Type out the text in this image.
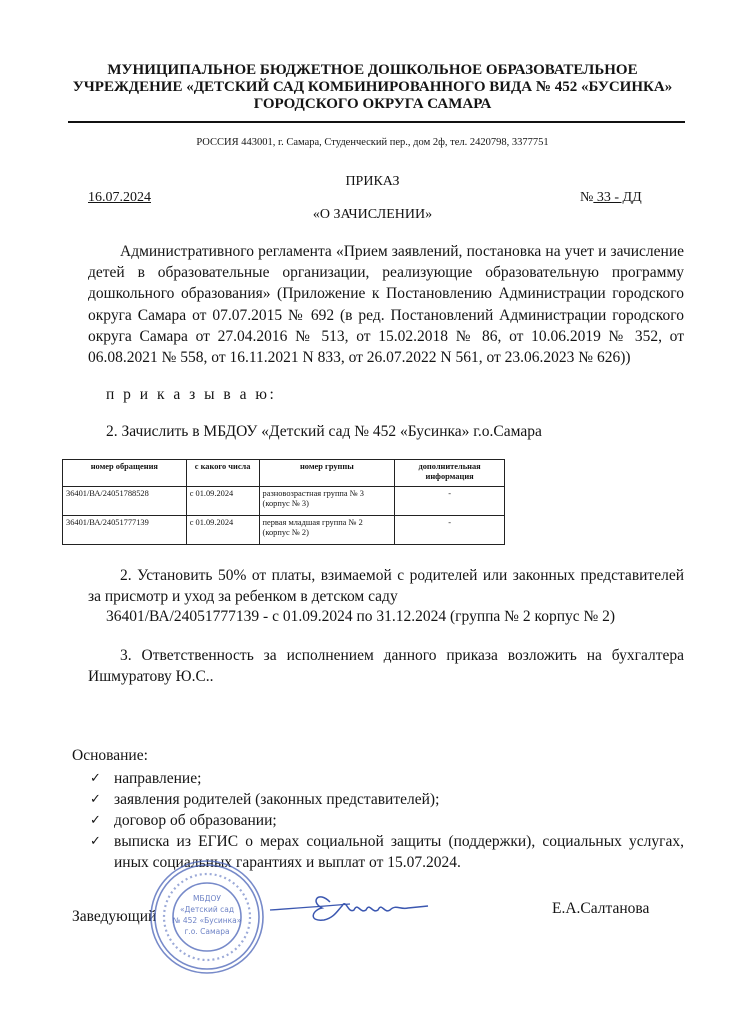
МУНИЦИПАЛЬНОЕ БЮДЖЕТНОЕ ДОШКОЛЬНОЕ ОБРАЗОВАТЕЛЬНОЕ
УЧРЕЖДЕНИЕ «ДЕТСКИЙ САД КОМБИНИРОВАННОГО ВИДА № 452 «БУСИНКА»
ГОРОДСКОГО ОКРУГА САМАРА
РОССИЯ 443001, г. Самара, Студенческий пер., дом 2ф, тел. 2420798, 3377751
ПРИКАЗ
16.07.2024	№ 33 - ДД
«О ЗАЧИСЛЕНИИ»
Административного регламента «Прием заявлений, постановка на учет и зачисление детей в образовательные организации, реализующие образовательную программу дошкольного образования» (Приложение к Постановлению Администрации городского округа Самара от 07.07.2015 № 692 (в ред. Постановлений Администрации городского округа Самара от 27.04.2016 № 513, от 15.02.2018 № 86, от 10.06.2019 № 352, от 06.08.2021 № 558, от 16.11.2021 N 833, от 26.07.2022 N 561, от 23.06.2023 № 626))
п р и к а з ы в а ю:
2. Зачислить в МБДОУ «Детский сад № 452 «Бусинка» г.о.Самара
номер обращения	с какого числа	номер группы	дополнительная информация
36401/ВА/24051788528	с 01.09.2024	разновозрастная группа № 3 (корпус № 3)	-
36401/ВА/24051777139	с 01.09.2024	первая младшая группа № 2 (корпус № 2)	-
2. Установить 50% от платы, взимаемой с родителей или законных представителей за присмотр и уход за ребенком в детском саду
36401/ВА/24051777139 - с 01.09.2024 по 31.12.2024 (группа № 2 корпус № 2)
3. Ответственность за исполнением данного приказа возложить на бухгалтера Ишмуратову Ю.С..
Основание:
✓ направление;
✓ заявления родителей (законных представителей);
✓ договор об образовании;
✓ выписка из ЕГИС о мерах социальной защиты (поддержки), социальных услугах, иных социальных гарантиях и выплат от 15.07.2024.
Заведующий
МБДОУ
«Детский сад
№ 452 «Бусинка»
г.о. Самара
Е.А.Салтанова
